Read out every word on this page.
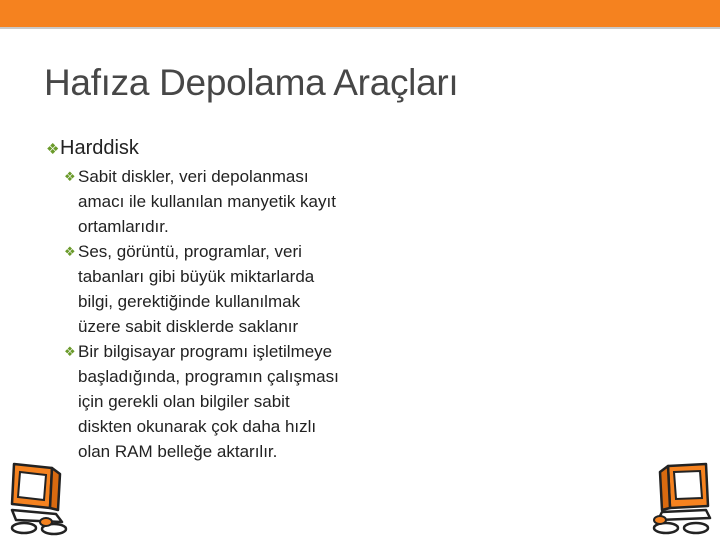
Hafıza Depolama Araçları
❖Harddisk
❖ Sabit diskler, veri depolanması
amacı ile kullanılan manyetik kayıt
ortamlarıdır.
❖ Ses, görüntü, programlar, veri
tabanları gibi büyük miktarlarda
bilgi, gerektiğinde kullanılmak
üzere sabit disklerde saklanır
❖ Bir bilgisayar programı işletilmeye
başladığında, programın çalışması
için gerekli olan bilgiler sabit
diskten okunarak çok daha hızlı
olan RAM belleğe aktarılır.
